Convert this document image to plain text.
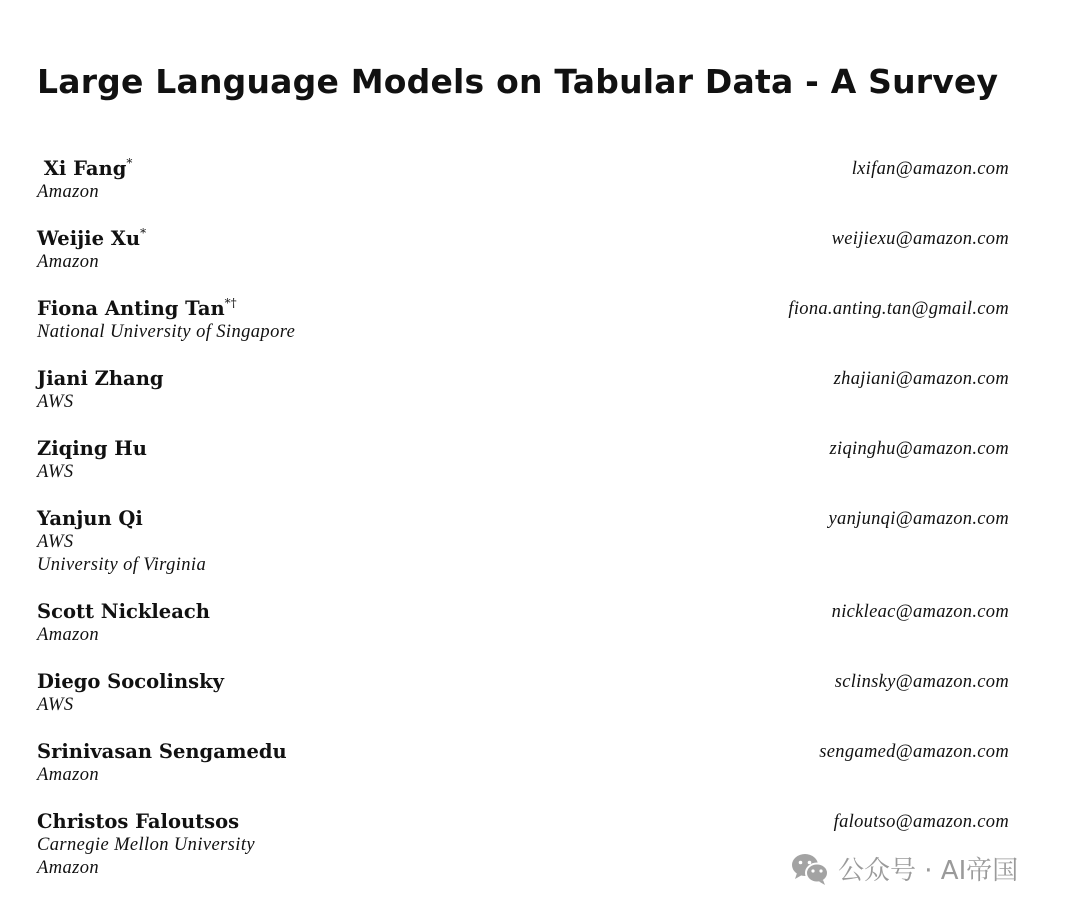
Large Language Models on Tabular Data - A Survey
Xi Fang*	lxifan@amazon.com
Amazon
Weijie Xu*	weijiexu@amazon.com
Amazon
Fiona Anting Tan*†	fiona.anting.tan@gmail.com
National University of Singapore
Jiani Zhang	zhajiani@amazon.com
AWS
Ziqing Hu	ziqinghu@amazon.com
AWS
Yanjun Qi	yanjunqi@amazon.com
AWS
University of Virginia
Scott Nickleach	nickleac@amazon.com
Amazon
Diego Socolinsky	sclinsky@amazon.com
AWS
Srinivasan Sengamedu	sengamed@amazon.com
Amazon
Christos Faloutsos	faloutso@amazon.com
Carnegie Mellon University
Amazon	公众号 · AI帝国
